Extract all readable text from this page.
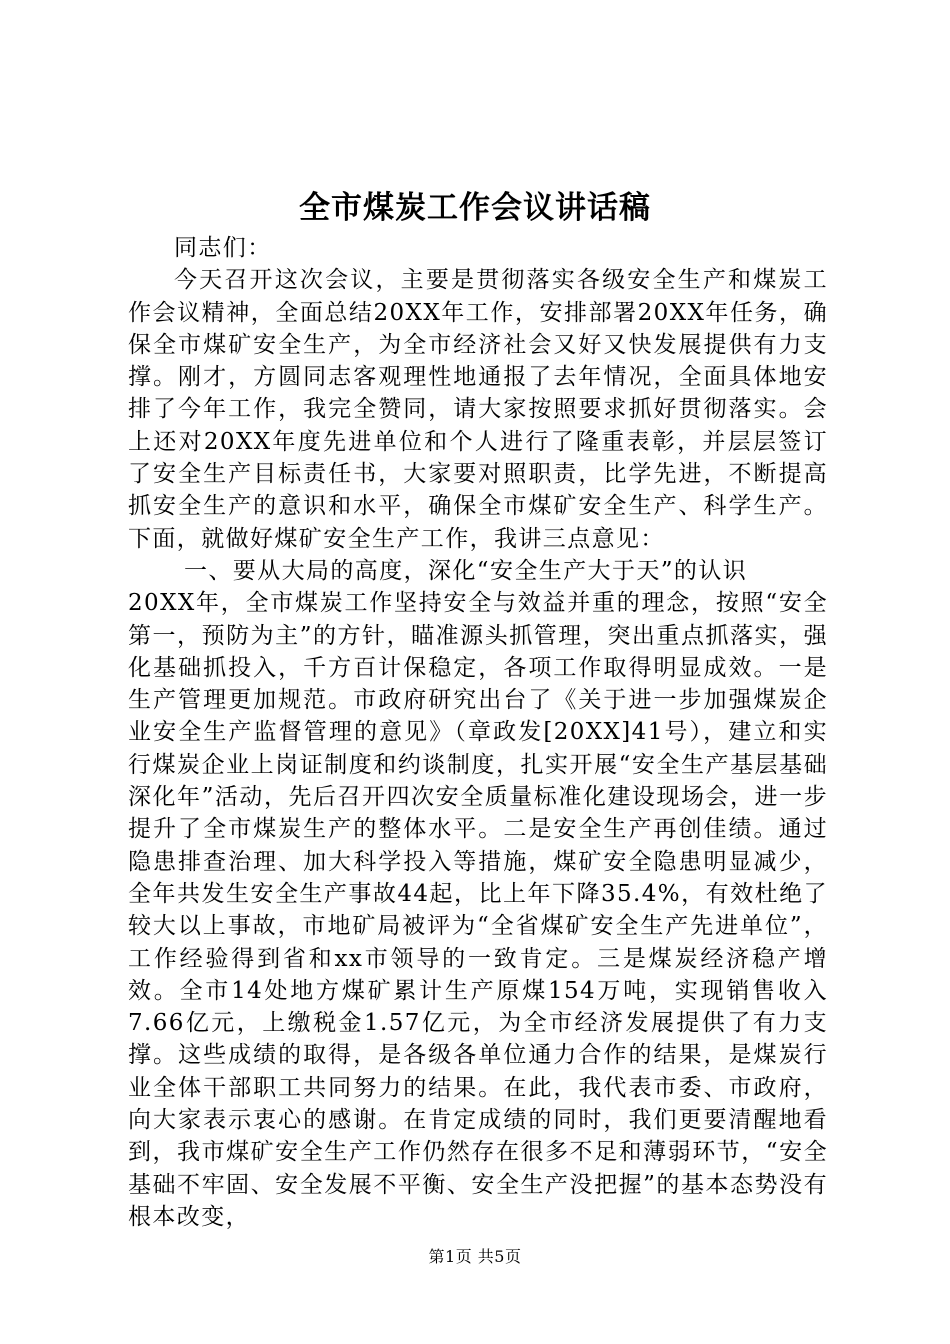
全市煤炭工作会议讲话稿

同志们：

今天召开这次会议，主要是贯彻落实各级安全生产和煤炭工作会议精神，全面总结20XX年工作，安排部署20XX年任务，确保全市煤矿安全生产，为全市经济社会又好又快发展提供有力支撑。刚才，方圆同志客观理性地通报了去年情况，全面具体地安排了今年工作，我完全赞同，请大家按照要求抓好贯彻落实。会上还对20XX年度先进单位和个人进行了隆重表彰，并层层签订了安全生产目标责任书，大家要对照职责，比学先进，不断提高抓安全生产的意识和水平，确保全市煤矿安全生产、科学生产。下面，就做好煤矿安全生产工作，我讲三点意见：

一、要从大局的高度，深化“安全生产大于天”的认识

20XX年，全市煤炭工作坚持安全与效益并重的理念，按照“安全第一，预防为主”的方针，瞄准源头抓管理，突出重点抓落实，强化基础抓投入，千方百计保稳定，各项工作取得明显成效。一是生产管理更加规范。市政府研究出台了《关于进一步加强煤炭企业安全生产监督管理的意见》（章政发[20XX]41号），建立和实行煤炭企业上岗证制度和约谈制度，扎实开展“安全生产基层基础深化年”活动，先后召开四次安全质量标准化建设现场会，进一步提升了全市煤炭生产的整体水平。二是安全生产再创佳绩。通过隐患排查治理、加大科学投入等措施，煤矿安全隐患明显减少，全年共发生安全生产事故44起，比上年下降35.4%，有效杜绝了较大以上事故，市地矿局被评为“全省煤矿安全生产先进单位”，工作经验得到省和xx市领导的一致肯定。三是煤炭经济稳产增效。全市14处地方煤矿累计生产原煤154万吨，实现销售收入7.66亿元，上缴税金1.57亿元，为全市经济发展提供了有力支撑。这些成绩的取得，是各级各单位通力合作的结果，是煤炭行业全体干部职工共同努力的结果。在此，我代表市委、市政府，向大家表示衷心的感谢。在肯定成绩的同时，我们更要清醒地看到，我市煤矿安全生产工作仍然存在很多不足和薄弱环节，“安全基础不牢固、安全发展不平衡、安全生产没把握”的基本态势没有根本改变，

第1页 共5页
